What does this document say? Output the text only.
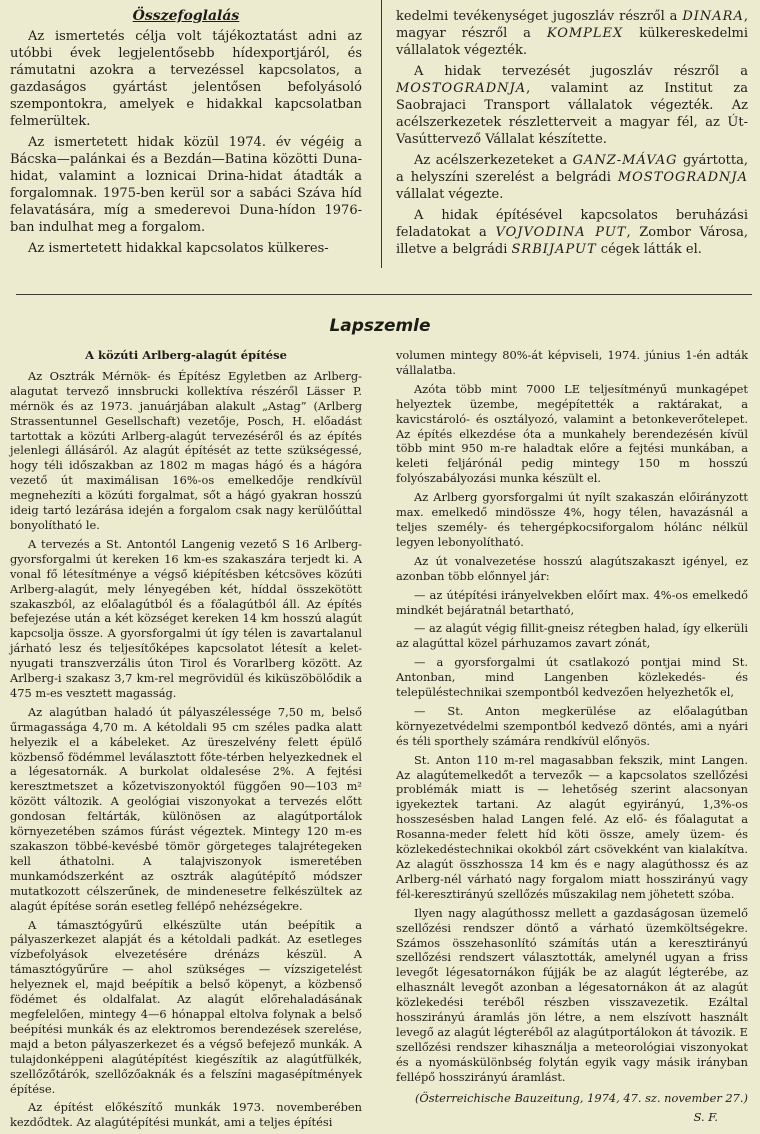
Összefoglalás

Az ismertetés célja volt tájékoztatást adni az utóbbi évek legjelentősebb hídexportjáról, és rámutatni azokra a tervezéssel kapcsolatos, a gazdaságos gyártást jelentősen befolyásoló szempontokra, amelyek e hidakkal kapcsolatban felmerültek.

Az ismertetett hidak közül 1974. év végéig a Bácska—palánkai és a Bezdán—Batina közötti Duna-hidat, valamint a loznicai Drina-hidat átadták a forgalomnak. 1975-ben kerül sor a sabáci Száva híd felavatására, míg a smederevoi Duna-hídon 1976-ban indulhat meg a forgalom.

Az ismertetett hidakkal kapcsolatos külkeres-

kedelmi tevékenységet jugoszláv részről a DINARA, magyar részről a KOMPLEX külkereskedelmi vállalatok végezték.

A hidak tervezését jugoszláv részről a MOSTOGRADNJA, valamint az Institut za Saobrajaci Transport vállalatok végezték. Az acélszerkezetek részletterveit a magyar fél, az Út-Vasúttervező Vállalat készítette.

Az acélszerkezeteket a GANZ-MÁVAG gyártotta, a helyszíni szerelést a belgrádi MOSTOGRADNJA vállalat végezte.

A hidak építésével kapcsolatos beruházási feladatokat a VOJVODINA PUT, Zombor Városa, illetve a belgrádi SRBIJAPUT cégek látták el.

Lapszemle
A közúti Arlberg-alagút építése

Az Osztrák Mérnök- és Építész Egyletben az Arlberg-alagutat tervező innsbrucki kollektíva részéről Lässer P. mérnök és az 1973. januárjában alakult „Astag” (Arlberg Strassentunnel Gesellschaft) vezetője, Posch, H. előadást tartottak a közúti Arlberg-alagút tervezéséről és az építés jelenlegi állásáról. Az alagút építését az tette szükségessé, hogy téli időszakban az 1802 m magas hágó és a hágóra vezető út maximálisan 16%-os emelkedője rendkívül megnehezíti a közúti forgalmat, sőt a hágó gyakran hosszú ideig tartó lezárása idején a forgalom csak nagy kerülőúttal bonyolítható le.

A tervezés a St. Antontól Langenig vezető S 16 Arlberg-gyorsforgalmi út kereken 16 km-es szakaszára terjedt ki. A vonal fő létesítménye a végső kiépítésben kétcsöves közúti Arlberg-alagút, mely lényegében két, híddal összekötött szakaszból, az előalagútból és a főalagútból áll. Az építés befejezése után a két községet kereken 14 km hosszú alagút kapcsolja össze. A gyorsforgalmi út így télen is zavartalanul járható lesz és teljesítőképes kapcsolatot létesít a kelet-nyugati transzverzális úton Tirol és Vorarlberg között. Az Arlberg-i szakasz 3,7 km-rel megrövidül és kiküszöbölődik a 475 m-es vesztett magasság.

Az alagútban haladó út pályaszélessége 7,50 m, belső űrmagassága 4,70 m. A kétoldali 95 cm széles padka alatt helyezik el a kábeleket. Az üreszelvény felett épülő közbenső födémmel leválasztott főte-térben helyezkednek el a légesatornák. A burkolat oldalesése 2%. A fejtési keresztmetszet a kőzetviszonyoktól függően 90—103 m² között változik. A geológiai viszonyokat a tervezés előtt gondosan feltárták, különösen az alagútportálok környezetében számos fúrást végeztek. Mintegy 120 m-es szakaszon többé-kevésbé tömör görgeteges talajrétegeken kell áthatolni. A talajviszonyok ismeretében munkamódszerként az osztrák alagútépítő módszer mutatkozott célszerűnek, de mindenesetre felkészültek az alagút építése során esetleg fellépő nehézségekre.

A támasztógyűrű elkészülte után beépítik a pályaszerkezet alapját és a kétoldali padkát. Az esetleges vízbefolyások elvezetésére drénázs készül. A támasztógyűrűre — ahol szükséges — vízszigetelést helyeznek el, majd beépítik a belső köpenyt, a közbenső födémet és oldalfalat. Az alagút előrehaladásának megfelelően, mintegy 4—6 hónappal eltolva folynak a belső beépítési munkák és az elektromos berendezések szerelése, majd a beton pályaszerkezet és a végső befejező munkák. A tulajdonképpeni alagútépítést kiegészítik az alagútfülkék, szellőzőtárók, szellőzőaknák és a felszíni magasépítmények építése.

Az építést előkészítő munkák 1973. novemberében kezdődtek. Az alagútépítési munkát, ami a teljes építési

volumen mintegy 80%-át képviseli, 1974. június 1-én adták vállalatba.

Azóta több mint 7000 LE teljesítményű munkagépet helyeztek üzembe, megépítették a raktárakat, a kavicstároló- és osztályozó, valamint a betonkeverőtelepet. Az építés elkezdése óta a munkahely berendezésén kívül több mint 950 m-re haladtak előre a fejtési munkában, a keleti feljárónál pedig mintegy 150 m hosszú folyószabályozási munka készült el.

Az Arlberg gyorsforgalmi út nyílt szakaszán előirányzott max. emelkedő mindössze 4%, hogy télen, havazásnál a teljes személy- és tehergépkocsiforgalom hólánc nélkül legyen lebonyolítható.

Az út vonalvezetése hosszú alagútszakaszt igényel, ez azonban több előnnyel jár:

— az útépítési irányelvekben előírt max. 4%-os emelkedő mindkét bejáratnál betartható,

— az alagút végig fillit-gneisz rétegben halad, így elkerüli az alagúttal közel párhuzamos zavart zónát,

— a gyorsforgalmi út csatlakozó pontjai mind St. Antonban, mind Langenben közlekedés- és településtechnikai szempontból kedvezően helyezhetők el,

— St. Anton megkerülése az előalagútban környezetvédelmi szempontból kedvező döntés, ami a nyári és téli sporthely számára rendkívül előnyös.

St. Anton 110 m-rel magasabban fekszik, mint Langen. Az alagútemelkedőt a tervezők — a kapcsolatos szellőzési problémák miatt is — lehetőség szerint alacsonyan igyekeztek tartani. Az alagút egyirányú, 1,3%-os hosszesésben halad Langen felé. Az elő- és főalagutat a Rosanna-meder felett híd köti össze, amely üzem- és közlekedéstechnikai okokból zárt csövekként van kialakítva. Az alagút összhossza 14 km és e nagy alagúthossz és az Arlberg-nél várható nagy forgalom miatt hosszirányú vagy fél-keresztirányú szellőzés műszakilag nem jöhetett szóba.

Ilyen nagy alagúthossz mellett a gazdaságosan üzemelő szellőzési rendszer döntő a várható üzemköltségekre. Számos összehasonlító számítás után a keresztirányú szellőzési rendszert választották, amelynél ugyan a friss levegőt légesatornákon fújják be az alagút légterébe, az elhasznált levegőt azonban a légesatornákon át az alagút közlekedési teréből részben visszavezetik. Ezáltal hosszirányú áramlás jön létre, a nem elszívott használt levegő az alagút légteréből az alagútportálokon át távozik. E szellőzési rendszer kihasználja a meteorológiai viszonyokat és a nyomáskülönbség folytán egyik vagy másik irányban fellépő hosszirányú áramlást.

(Österreichische Bauzeitung, 1974, 47. sz. november 27.)

S. F.
